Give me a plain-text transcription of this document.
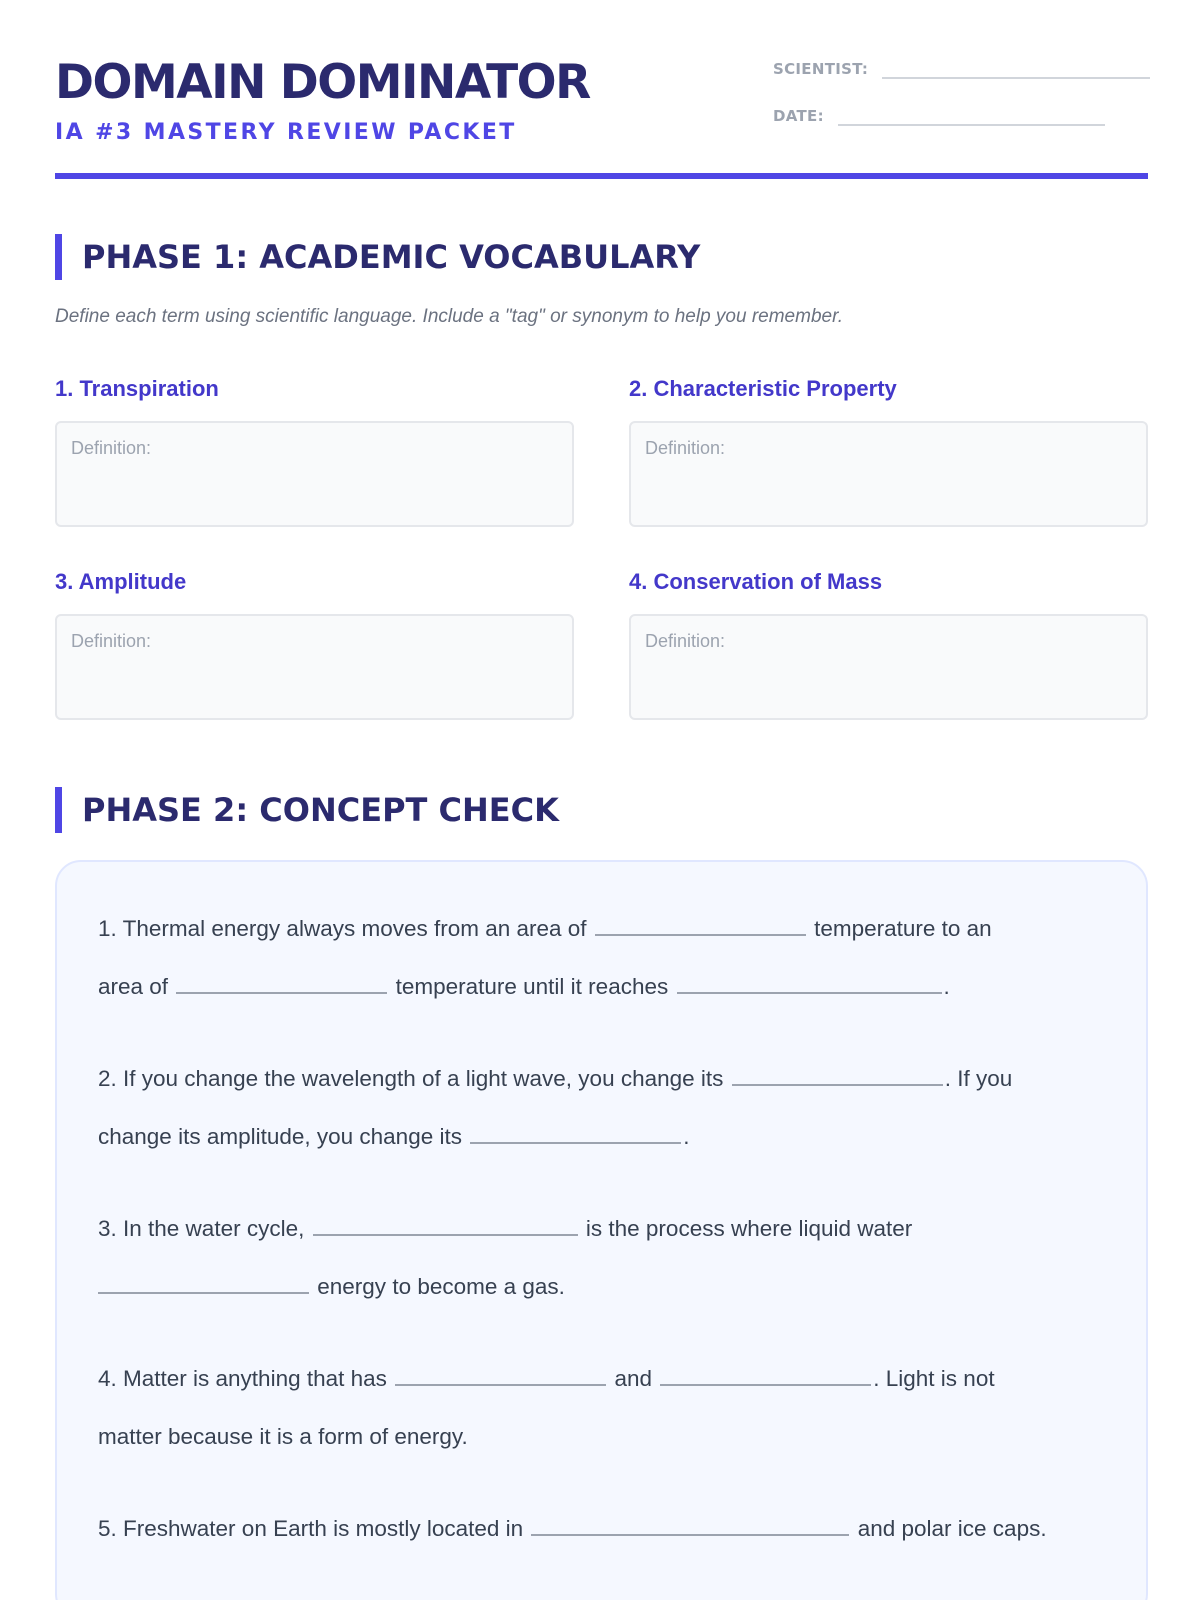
DOMAIN DOMINATOR
IA #3 MASTERY REVIEW PACKET
SCIENTIST:
DATE:
PHASE 1: ACADEMIC VOCABULARY
Define each term using scientific language. Include a "tag" or synonym to help you remember.
1. Transpiration
Definition:
2. Characteristic Property
Definition:
3. Amplitude
Definition:
4. Conservation of Mass
Definition:
PHASE 2: CONCEPT CHECK
1. Thermal energy always moves from an area of	temperature to an
area of	temperature until it reaches	.
2. If you change the wavelength of a light wave, you change its	. If you
change its amplitude, you change its	.
3. In the water cycle,	is the process where liquid water
energy to become a gas.
4. Matter is anything that has	and	. Light is not
matter because it is a form of energy.
5. Freshwater on Earth is mostly located in	and polar ice caps.
